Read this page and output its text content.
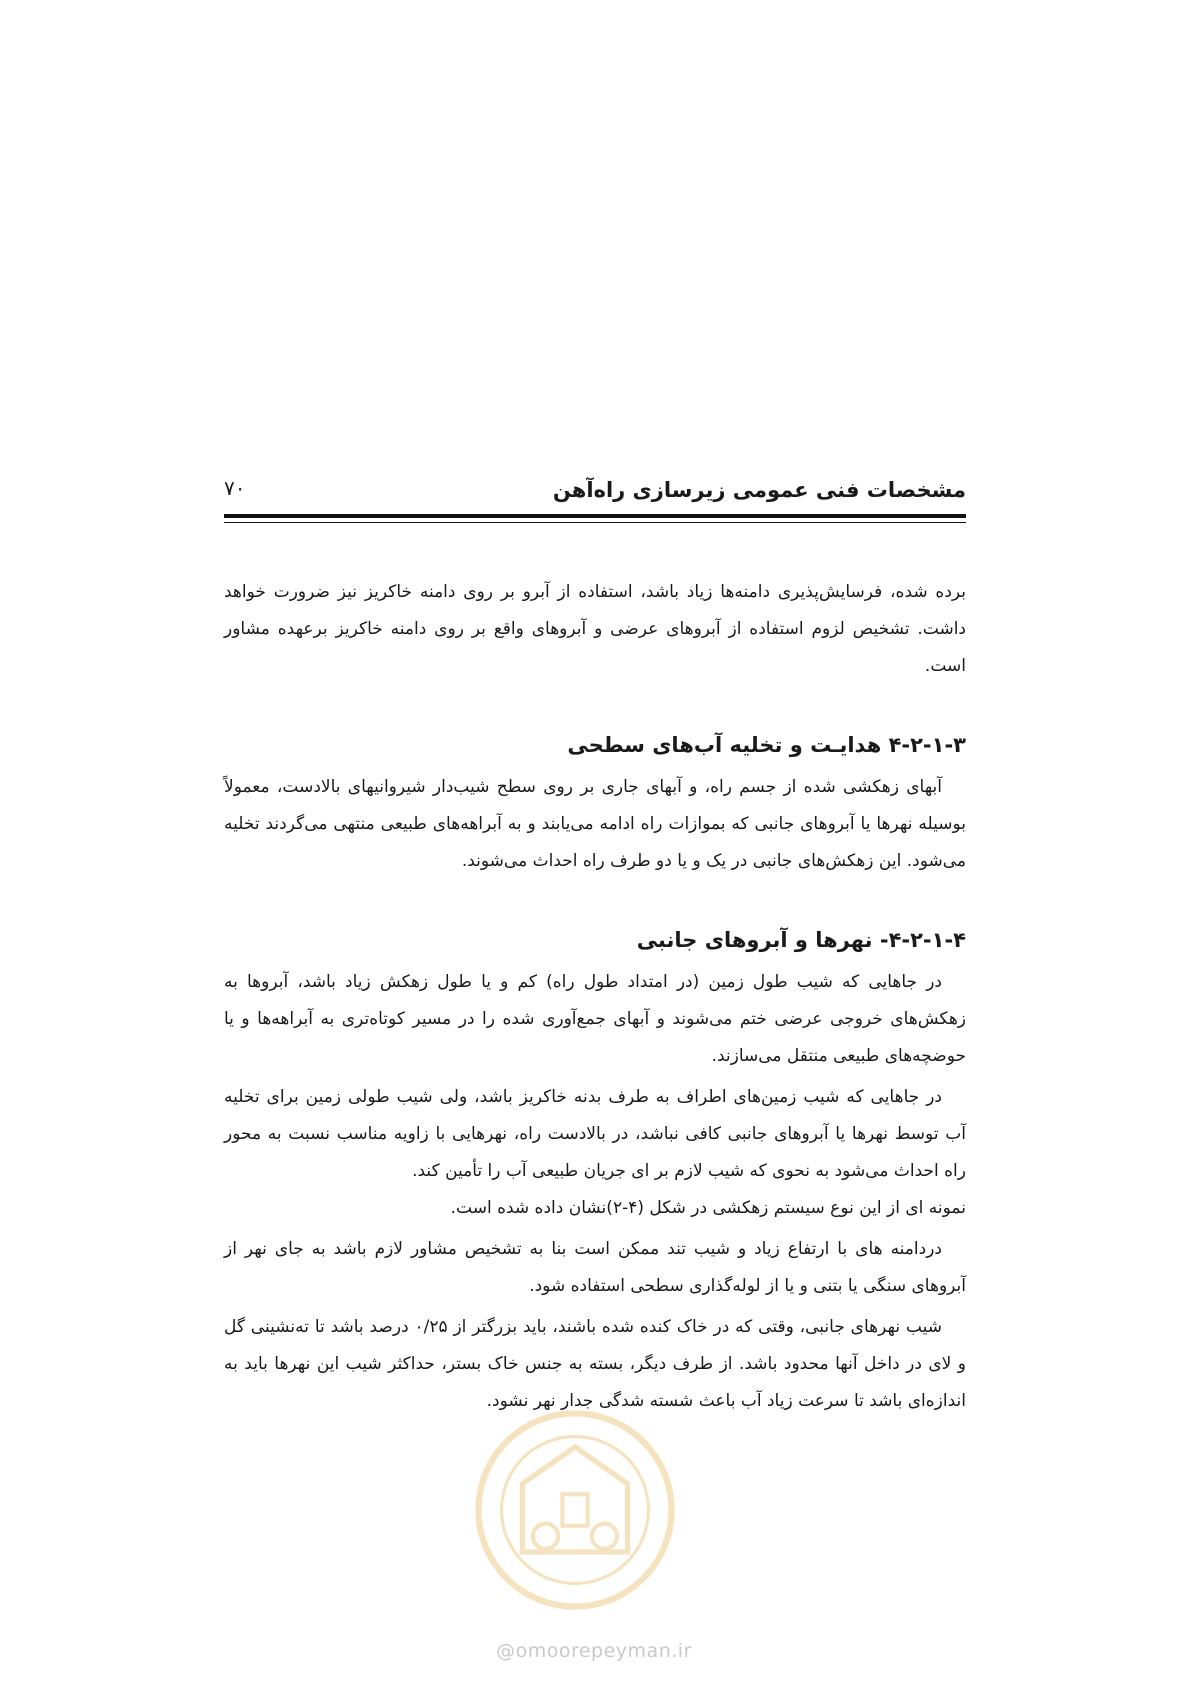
مشخصات فنی عمومی زیرسازی راه‌آهن
۷۰

برده شده، فرسایش‌پذیری دامنه‌ها زیاد باشد، استفاده از آبرو بر روی دامنه خاکریز نیز ضرورت خواهد داشت. تشخیص لزوم استفاده از آبروهای عرضی و آبروهای واقع بر روی دامنه خاکریز برعهده مشاور است.

۴-۲-۱-۳ هدایـت و تخلیه آب‌های سطحی

آبهای زهکشی شده از جسم راه، و آبهای جاری بر روی سطح شیب‌دار شیروانیهای بالادست، معمولاً بوسیله نهرها یا آبروهای جانبی که بموازات راه ادامه می‌یابند و به آبراهه‌های طبیعی منتهی می‌گردند تخلیه می‌شود. این زهکش‌های جانبی در یک و یا دو طرف راه احداث می‌شوند.

۴-۲-۱-۴- نهرها و آبروهای جانبی

در جاهایی که شیب طول زمین (در امتداد طول راه) کم و یا طول زهکش زیاد باشد، آبروها به زهکش‌های خروجی عرضی ختم می‌شوند و آبهای جمع‌آوری شده را در مسیر کوتاه‌تری به آبراهه‌ها و یا حوضچه‌های طبیعی منتقل می‌سازند.

در جاهایی که شیب زمین‌های اطراف به طرف بدنه خاکریز باشد، ولی شیب طولی زمین برای تخلیه آب توسط نهرها یا آبروهای جانبی کافی نباشد، در بالادست راه، نهرهایی با زاویه مناسب نسبت به محور راه احداث می‌شود به نحوی که شیب لازم بر ای جریان طبیعی آب را تأمین کند.

نمونه ای از این نوع سیستم زهکشی در شکل (۴-۲)نشان داده شده است.

دردامنه های با ارتفاع زیاد و شیب تند ممکن است بنا به تشخیص مشاور لازم باشد به جای نهر از آبروهای سنگی یا بتنی و یا از لوله‌گذاری سطحی استفاده شود.

شیب نهرهای جانبی، وقتی که در خاک کنده شده باشند، باید بزرگتر از ۰/۲۵ درصد باشد تا ته‌نشینی گل و لای در داخل آنها محدود باشد. از طرف دیگر، بسته به جنس خاک بستر، حداکثر شیب این نهرها باید به اندازه‌ای باشد تا سرعت زیاد آب باعث شسته شدگی جدار نهر نشود.

@omoorepeyman.ir
